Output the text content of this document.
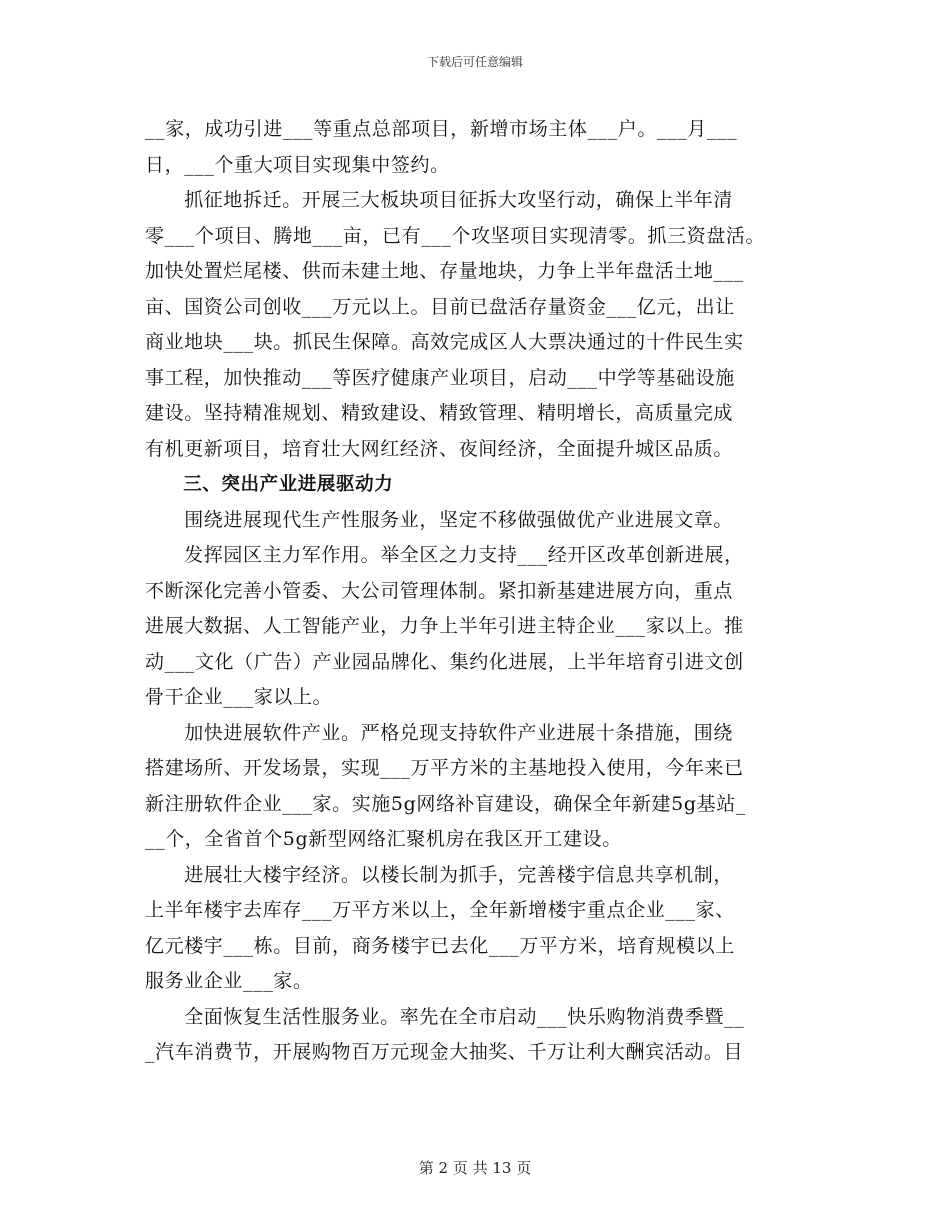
下载后可任意编辑
__家，成功引进___等重点总部项目，新增市场主体___户。___月___
日，___个重大项目实现集中签约。
　　抓征地拆迁。开展三大板块项目征拆大攻坚行动，确保上半年清
零___个项目、腾地___亩，已有___个攻坚项目实现清零。抓三资盘活。
加快处置烂尾楼、供而未建土地、存量地块，力争上半年盘活土地___
亩、国资公司创收___万元以上。目前已盘活存量资金___亿元，出让
商业地块___块。抓民生保障。高效完成区人大票决通过的十件民生实
事工程，加快推动___等医疗健康产业项目，启动___中学等基础设施
建设。坚持精准规划、精致建设、精致管理、精明增长，高质量完成
有机更新项目，培育壮大网红经济、夜间经济，全面提升城区品质。
　　三、突出产业进展驱动力
　　围绕进展现代生产性服务业，坚定不移做强做优产业进展文章。
　　发挥园区主力军作用。举全区之力支持___经开区改革创新进展，
不断深化完善小管委、大公司管理体制。紧扣新基建进展方向，重点
进展大数据、人工智能产业，力争上半年引进主特企业___家以上。推
动___文化（广告）产业园品牌化、集约化进展，上半年培育引进文创
骨干企业___家以上。
　　加快进展软件产业。严格兑现支持软件产业进展十条措施，围绕
搭建场所、开发场景，实现___万平方米的主基地投入使用，今年来已
新注册软件企业___家。实施5g网络补盲建设，确保全年新建5g基站_
__个，全省首个5g新型网络汇聚机房在我区开工建设。
　　进展壮大楼宇经济。以楼长制为抓手，完善楼宇信息共享机制，
上半年楼宇去库存___万平方米以上，全年新增楼宇重点企业___家、
亿元楼宇___栋。目前，商务楼宇已去化___万平方米，培育规模以上
服务业企业___家。
　　全面恢复生活性服务业。率先在全市启动___快乐购物消费季暨__
_汽车消费节，开展购物百万元现金大抽奖、千万让利大酬宾活动。目
第 2 页 共 13 页
